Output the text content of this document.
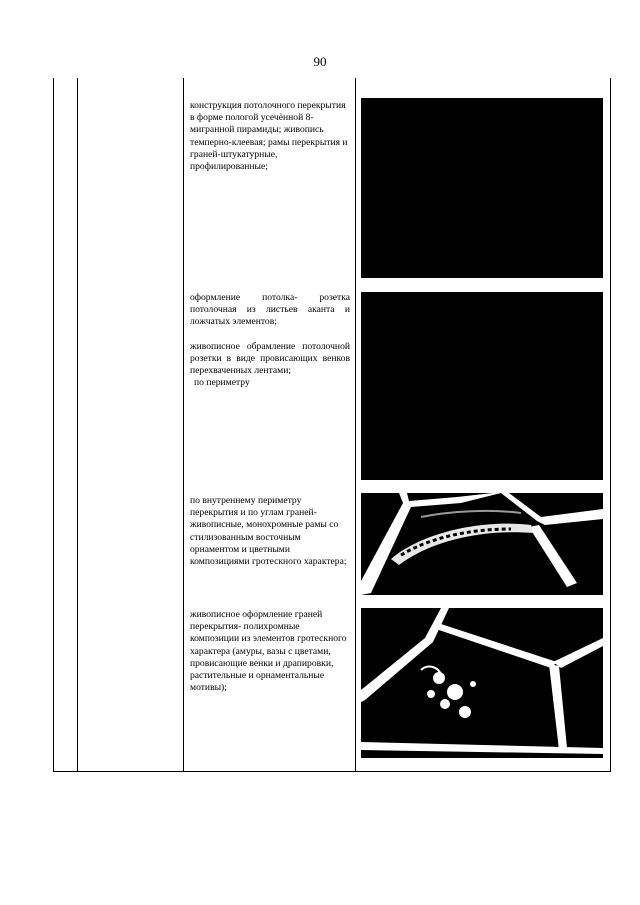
90
конструкция потолочного перекрытия в форме пологой усечённой 8-мигранной пирамиды; живопись темперно-клеевая; рамы перекрытия и граней-штукатурные, профилированные;

оформление потолка- розетка потолочная из листьев аканта и ложчатых элементов;

живописное обрамление потолочной розетки в виде провисающих венков перехваченных лентами;

по периметру

по внутреннему периметру перекрытия и по углам граней-живописные, монохромные рамы со стилизованным восточным орнаментом и цветными композициями гротескного характера;
живописное оформление граней перекрытия- полихромные композиции из элементов гротескного характера (амуры, вазы с цветами, провисающие венки и драпировки, растительные и орнаментальные мотивы);
